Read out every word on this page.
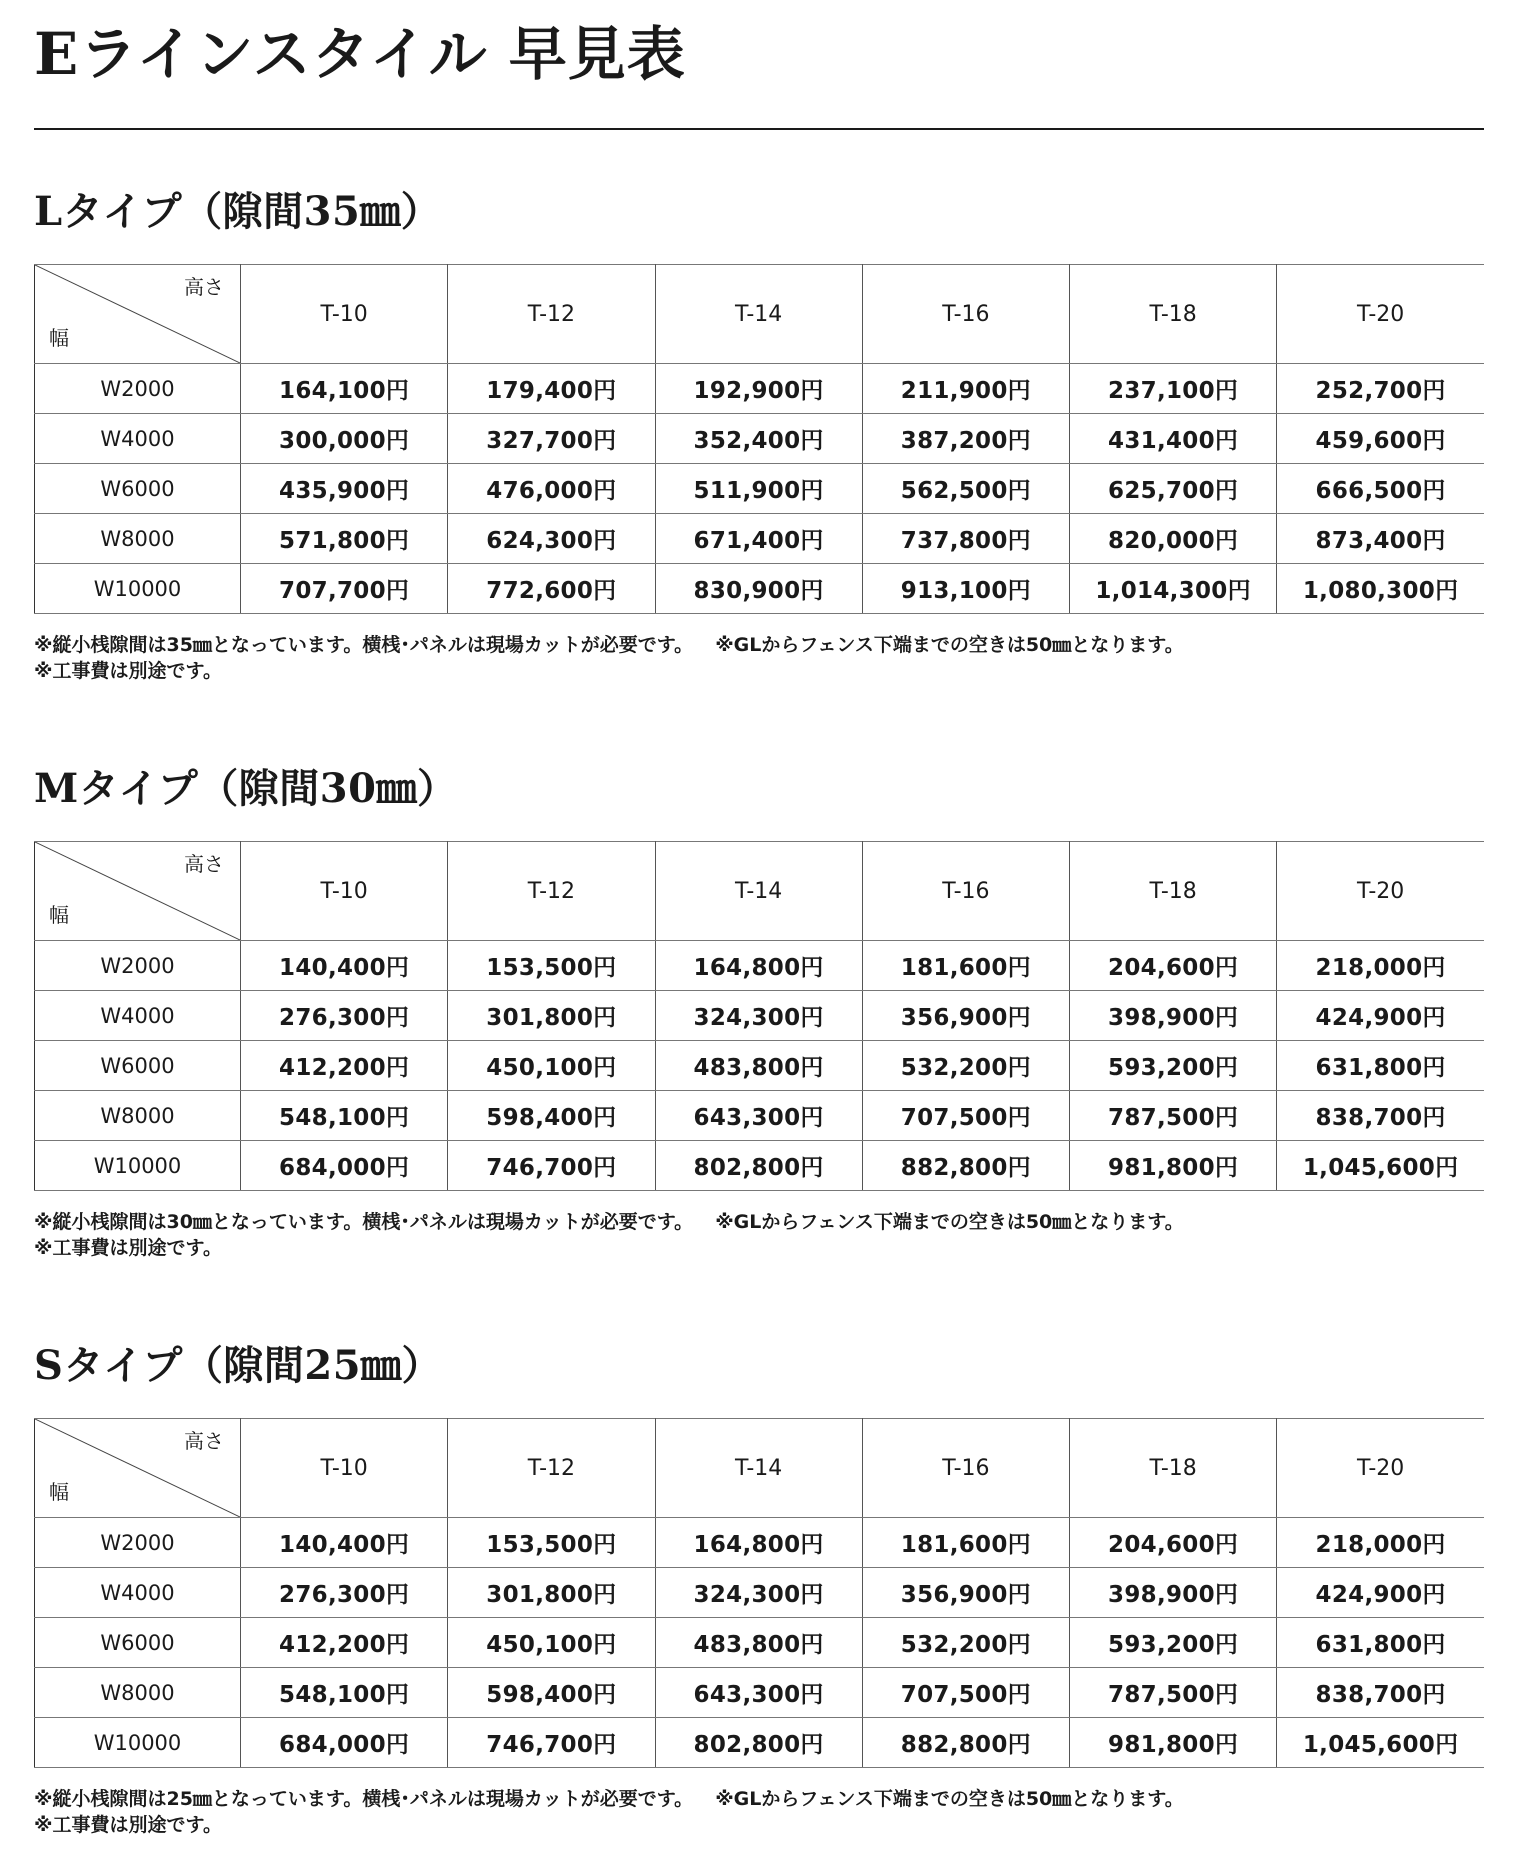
Eラインスタイル 早見表
Lタイプ（隙間35㎜）
高さ
幅	T-10	T-12	T-14	T-16	T-18	T-20
W2000	164,100円	179,400円	192,900円	211,900円	237,100円	252,700円
W4000	300,000円	327,700円	352,400円	387,200円	431,400円	459,600円
W6000	435,900円	476,000円	511,900円	562,500円	625,700円	666,500円
W8000	571,800円	624,300円	671,400円	737,800円	820,000円	873,400円
W10000	707,700円	772,600円	830,900円	913,100円	1,014,300円	1,080,300円
※縦小桟隙間は35㎜となっています。横桟･パネルは現場カットが必要です。 ※GLからフェンス下端までの空きは50㎜となります。
※工事費は別途です。
Mタイプ（隙間30㎜）
高さ
幅	T-10	T-12	T-14	T-16	T-18	T-20
W2000	140,400円	153,500円	164,800円	181,600円	204,600円	218,000円
W4000	276,300円	301,800円	324,300円	356,900円	398,900円	424,900円
W6000	412,200円	450,100円	483,800円	532,200円	593,200円	631,800円
W8000	548,100円	598,400円	643,300円	707,500円	787,500円	838,700円
W10000	684,000円	746,700円	802,800円	882,800円	981,800円	1,045,600円
※縦小桟隙間は30㎜となっています。横桟･パネルは現場カットが必要です。 ※GLからフェンス下端までの空きは50㎜となります。
※工事費は別途です。
Sタイプ（隙間25㎜）
高さ
幅	T-10	T-12	T-14	T-16	T-18	T-20
W2000	140,400円	153,500円	164,800円	181,600円	204,600円	218,000円
W4000	276,300円	301,800円	324,300円	356,900円	398,900円	424,900円
W6000	412,200円	450,100円	483,800円	532,200円	593,200円	631,800円
W8000	548,100円	598,400円	643,300円	707,500円	787,500円	838,700円
W10000	684,000円	746,700円	802,800円	882,800円	981,800円	1,045,600円
※縦小桟隙間は25㎜となっています。横桟･パネルは現場カットが必要です。 ※GLからフェンス下端までの空きは50㎜となります。
※工事費は別途です。
